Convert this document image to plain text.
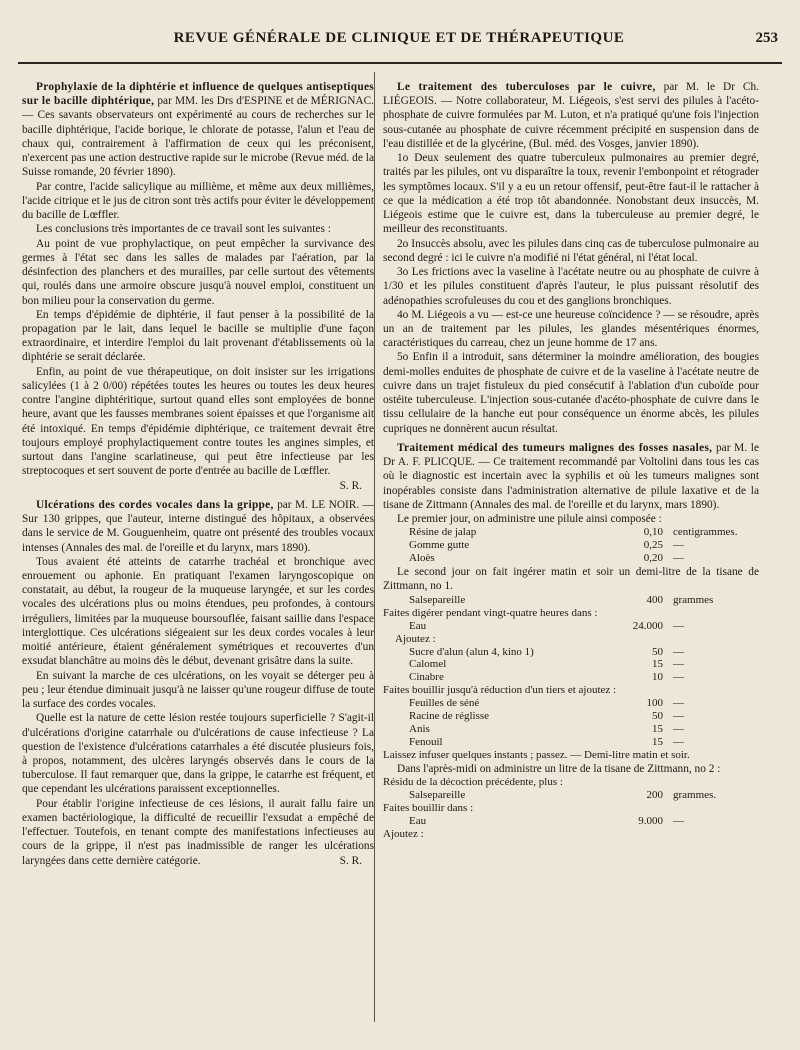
REVUE GÉNÉRALE DE CLINIQUE ET DE THÉRAPEUTIQUE	253

Prophylaxie de la diphtérie et influence de quelques antiseptiques sur le bacille diphtérique, par MM. les Drs d'ESPINE et de MÉRIGNAC. — Ces savants observateurs ont expérimenté au cours de recherches sur le bacille diphtérique, l'acide borique, le chlorate de potasse, l'alun et l'eau de chaux qui, contrairement à l'affirmation de ceux qui les préconisent, n'exercent pas une action destructive rapide sur le microbe (Revue méd. de la Suisse romande, 20 février 1890).

Par contre, l'acide salicylique au millième, et même aux deux millièmes, l'acide citrique et le jus de citron sont très actifs pour éviter le développement du bacille de Lœffler.

Les conclusions très importantes de ce travail sont les suivantes :

Au point de vue prophylactique, on peut empêcher la survivance des germes à l'état sec dans les salles de malades par l'aération, par la désinfection des planchers et des murailles, par celle surtout des vêtements qui, roulés dans une armoire obscure jusqu'à nouvel emploi, constituent un bon milieu pour la conservation du germe.

En temps d'épidémie de diphtérie, il faut penser à la possibilité de la propagation par le lait, dans lequel le bacille se multiplie d'une façon extraordinaire, et interdire l'emploi du lait provenant d'établissements où la diphtérie se serait déclarée.

Enfin, au point de vue thérapeutique, on doit insister sur les irrigations salicylées (1 à 2 0/00) répétées toutes les heures ou toutes les deux heures contre l'angine diphtéritique, surtout quand elles sont employées de bonne heure, avant que les fausses membranes soient épaisses et que l'organisme ait été intoxiqué. En temps d'épidémie diphtérique, ce traitement devrait être toujours employé prophylactiquement contre toutes les angines simples, et surtout dans l'angine scarlatineuse, qui peut être infectieuse par les streptocoques et sert souvent de porte d'entrée au bacille de Lœffler.
S. R.

Ulcérations des cordes vocales dans la grippe, par M. LE NOIR. — Sur 130 grippes, que l'auteur, interne distingué des hôpitaux, a observées dans le service de M. Gouguenheim, quatre ont présenté des troubles vocaux intenses (Annales des mal. de l'oreille et du larynx, mars 1890).

Tous avaient été atteints de catarrhe trachéal et bronchique avec enrouement ou aphonie. En pratiquant l'examen laryngoscopique on constatait, au début, la rougeur de la muqueuse laryngée, et sur les cordes vocales des ulcérations plus ou moins étendues, peu profondes, à contours irréguliers, limitées par la muqueuse boursouflée, faisant saillie dans l'espace interglottique. Ces ulcérations siégeaient sur les deux cordes vocales à leur moitié antérieure, étaient généralement symétriques et recouvertes d'un exsudat blanchâtre au moins dès le début, devenant grisâtre dans la suite.

En suivant la marche de ces ulcérations, on les voyait se déterger peu à peu ; leur étendue diminuait jusqu'à ne laisser qu'une rougeur diffuse de toute la surface des cordes vocales.

Quelle est la nature de cette lésion restée toujours superficielle ? S'agit-il d'ulcérations d'origine catarrhale ou d'ulcérations de cause infectieuse ? La question de l'existence d'ulcérations catarrhales a été discutée plusieurs fois, à propos, notamment, des ulcères laryngés observés dans le cours de la tuberculose. Il faut remarquer que, dans la grippe, le catarrhe est fréquent, et que cependant les ulcérations paraissent exceptionnelles.

Pour établir l'origine infectieuse de ces lésions, il aurait fallu faire un examen bactériologique, la difficulté de recueillir l'exsudat a empêché de l'effectuer. Toutefois, en tenant compte des manifestations infectieuses au cours de la grippe, il n'est pas inadmissible de ranger les ulcérations laryngées dans cette dernière catégorie.	S. R.

Le traitement des tuberculoses par le cuivre, par M. le Dr Ch. LIÉGEOIS. — Notre collaborateur, M. Liégeois, s'est servi des pilules à l'acéto-phosphate de cuivre formulées par M. Luton, et n'a pratiqué qu'une fois l'injection sous-cutanée au phosphate de cuivre récemment précipité en suspension dans de l'eau distillée et de la glycérine, (Bul. méd. des Vosges, janvier 1890).

1o Deux seulement des quatre tuberculeux pulmonaires au premier degré, traités par les pilules, ont vu disparaître la toux, revenir l'embonpoint et rétograder les symptômes locaux. S'il y a eu un retour offensif, peut-être faut-il le rattacher à ce que la médication a été trop tôt abandonnée. Nonobstant deux insuccès, M. Liégeois estime que le cuivre est, dans la tuberculeuse au premier degré, le meilleur des reconstituants.

2o Insuccès absolu, avec les pilules dans cinq cas de tuberculose pulmonaire au second degré : ici le cuivre n'a modifié ni l'état général, ni l'état local.

3o Les frictions avec la vaseline à l'acétate neutre ou au phosphate de cuivre à 1/30 et les pilules constituent d'après l'auteur, le plus puissant résolutif des adénopathies scrofuleuses du cou et des ganglions bronchiques.

4o M. Liégeois a vu — est-ce une heureuse coïncidence ? — se résoudre, après un an de traitement par les pilules, les glandes mésentériques énormes, caractéristiques du carreau, chez un jeune homme de 17 ans.

5o Enfin il a introduit, sans déterminer la moindre amélioration, des bougies demi-molles enduites de phosphate de cuivre et de la vaseline à l'acétate neutre de cuivre dans un trajet fistuleux du pied consécutif à l'ablation d'un cuboïde pour ostéite tuberculeuse. L'injection sous-cutanée d'acéto-phosphate de cuivre dans le tissu cellulaire de la hanche eut pour conséquence un énorme abcès, les pilules cupriques ne donnèrent aucun résultat.

Traitement médical des tumeurs malignes des fosses nasales, par M. le Dr A. F. PLICQUE. — Ce traitement recommandé par Voltolini dans tous les cas où le diagnostic est incertain avec la syphilis et où les tumeurs malignes sont inopérables consiste dans l'administration alternative de pilule laxative et de la tisane de Zittmann (Annales des mal. de l'oreille et du larynx, mars 1890).

Le premier jour, on administre une pilule ainsi composée :

Résine de jalap	0,10	centigrammes.
Gomme gutte	0,25	—
Aloès	0,20	—

Le second jour on fait ingérer matin et soir un demi-litre de la tisane de Zittmann, no 1.

Salsepareille	400	grammes
Faites digérer pendant vingt-quatre heures dans :		
Eau	24.000	—
Ajoutez :		
Sucre d'alun (alun 4, kino 1)	50	—
Calomel	15	—
Cinabre	10	—
Faites bouillir jusqu'à réduction d'un tiers et ajoutez :		
Feuilles de séné	100	—
Racine de réglisse	50	—
Anis	15	—
Fenouil	15	—
Laissez infuser quelques instants ; passez. — Demi-litre matin et soir.		

Dans l'après-midi on administre un litre de la tisane de Zittmann, no 2 :

Résidu de la décoction précédente, plus :		
Salsepareille	200	grammes.
Faites bouillir dans :		
Eau	9.000	—
Ajoutez :		
